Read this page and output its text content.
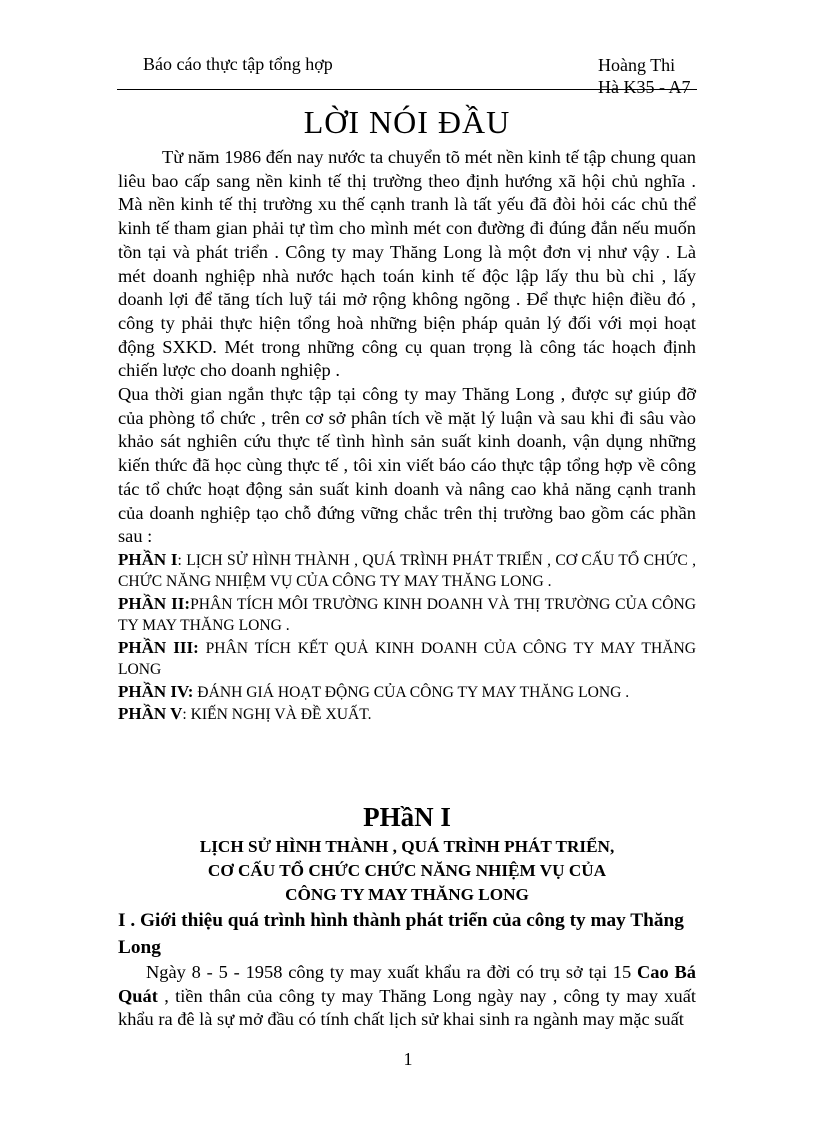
Báo cáo thực tập tổng hợp	Hoàng Thi
Hà K35 - A7
LỜI NÓI ĐẦU

Từ năm 1986 đến nay nước ta chuyển tõ mét nền kinh tế tập chung quan liêu bao cấp sang nền kinh tế thị trường theo định hướng xã hội chủ nghĩa . Mà nền kinh tế thị trường xu thế cạnh tranh là tất yếu đã đòi hỏi các chủ thể kinh tế tham gian phải tự tìm cho mình mét con đường đi đúng đắn nếu muốn tồn tại và phát triển . Công ty may Thăng Long là một đơn vị như vậy . Là mét doanh nghiệp nhà nước hạch toán kinh tế độc lập lấy thu bù chi , lấy doanh lợi để tăng tích luỹ tái mở rộng không ngõng . Để thực hiện điều đó , công ty phải thực hiện tổng hoà những biện pháp quản lý đối với mọi hoạt động SXKD. Mét trong những công cụ quan trọng là công tác hoạch định chiến lược cho doanh nghiệp .

Qua thời gian ngắn thực tập tại công ty may Thăng Long , được sự giúp đỡ của phòng tổ chức , trên cơ sở phân tích về mặt lý luận và sau khi đi sâu vào khảo sát nghiên cứu thực tế tình hình sản suất kinh doanh, vận dụng những kiến thức đã học cùng thực tế , tôi xin viết báo cáo thực tập tổng hợp về công tác tổ chức hoạt động sản suất kinh doanh và nâng cao khả năng cạnh tranh của doanh nghiệp tạo chỗ đứng vững chắc trên thị trường bao gồm các phần sau :

PHẦN I: LỊCH SỬ HÌNH THÀNH , QUÁ TRÌNH PHÁT TRIỂN , CƠ CẤU TỔ CHỨC , CHỨC NĂNG NHIỆM VỤ CỦA CÔNG TY MAY THĂNG LONG .

PHẦN II:PHÂN TÍCH MÔI TRƯỜNG KINH DOANH VÀ THỊ TRƯỜNG CỦA CÔNG TY MAY THĂNG LONG .

PHẦN III: PHÂN TÍCH KẾT QUẢ KINH DOANH CỦA CÔNG TY MAY THĂNG LONG

PHẦN IV: ĐÁNH GIÁ HOẠT ĐỘNG CỦA CÔNG TY MAY THĂNG LONG .

PHẦN V: KIẾN NGHỊ VÀ ĐỀ XUẤT.

PHầN I

LỊCH SỬ HÌNH THÀNH , QUÁ TRÌNH PHÁT TRIỂN,

CƠ CẤU TỔ CHỨC CHỨC NĂNG NHIỆM VỤ CỦA

CÔNG TY MAY THĂNG LONG

I . Giới thiệu quá trình hình thành phát triển của công ty may Thăng Long

Ngày 8 - 5 - 1958 công ty may xuất khẩu ra đời có trụ sở tại 15 Cao Bá Quát , tiền thân của công ty may Thăng Long ngày nay , công ty may xuất khẩu ra đê là sự mở đầu có tính chất lịch sử khai sinh ra ngành may mặc suất

1
